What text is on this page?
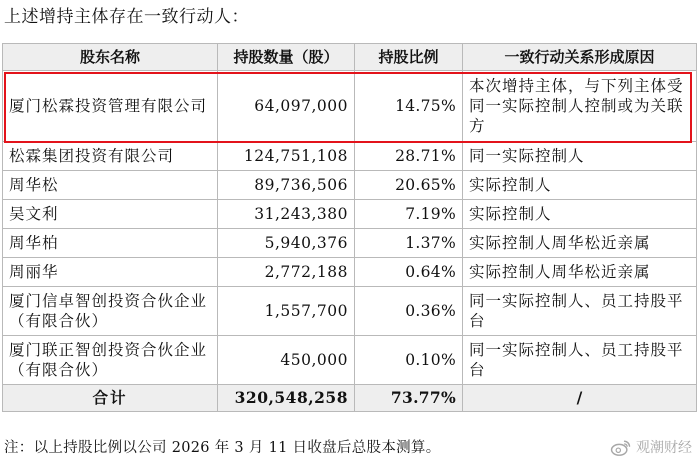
上述增持主体存在一致行动人：
股东名称	持股数量（股）	持股比例	一致行动关系形成原因
厦门松霖投资管理有限公司	64,097,000	14.75%	本次增持主体，与下列主体受同一实际控制人控制或为关联方
松霖集团投资有限公司	124,751,108	28.71%	同一实际控制人
周华松	89,736,506	20.65%	实际控制人
吴文利	31,243,380	7.19%	实际控制人
周华柏	5,940,376	1.37%	实际控制人周华松近亲属
周丽华	2,772,188	0.64%	实际控制人周华松近亲属
厦门信卓智创投资合伙企业（有限合伙）	1,557,700	0.36%	同一实际控制人、员工持股平台
厦门联正智创投资合伙企业（有限合伙）	450,000	0.10%	同一实际控制人、员工持股平台
合计	320,548,258	73.77%	/
注：以上持股比例以公司 2026 年 3 月 11 日收盘后总股本测算。	观潮财经
